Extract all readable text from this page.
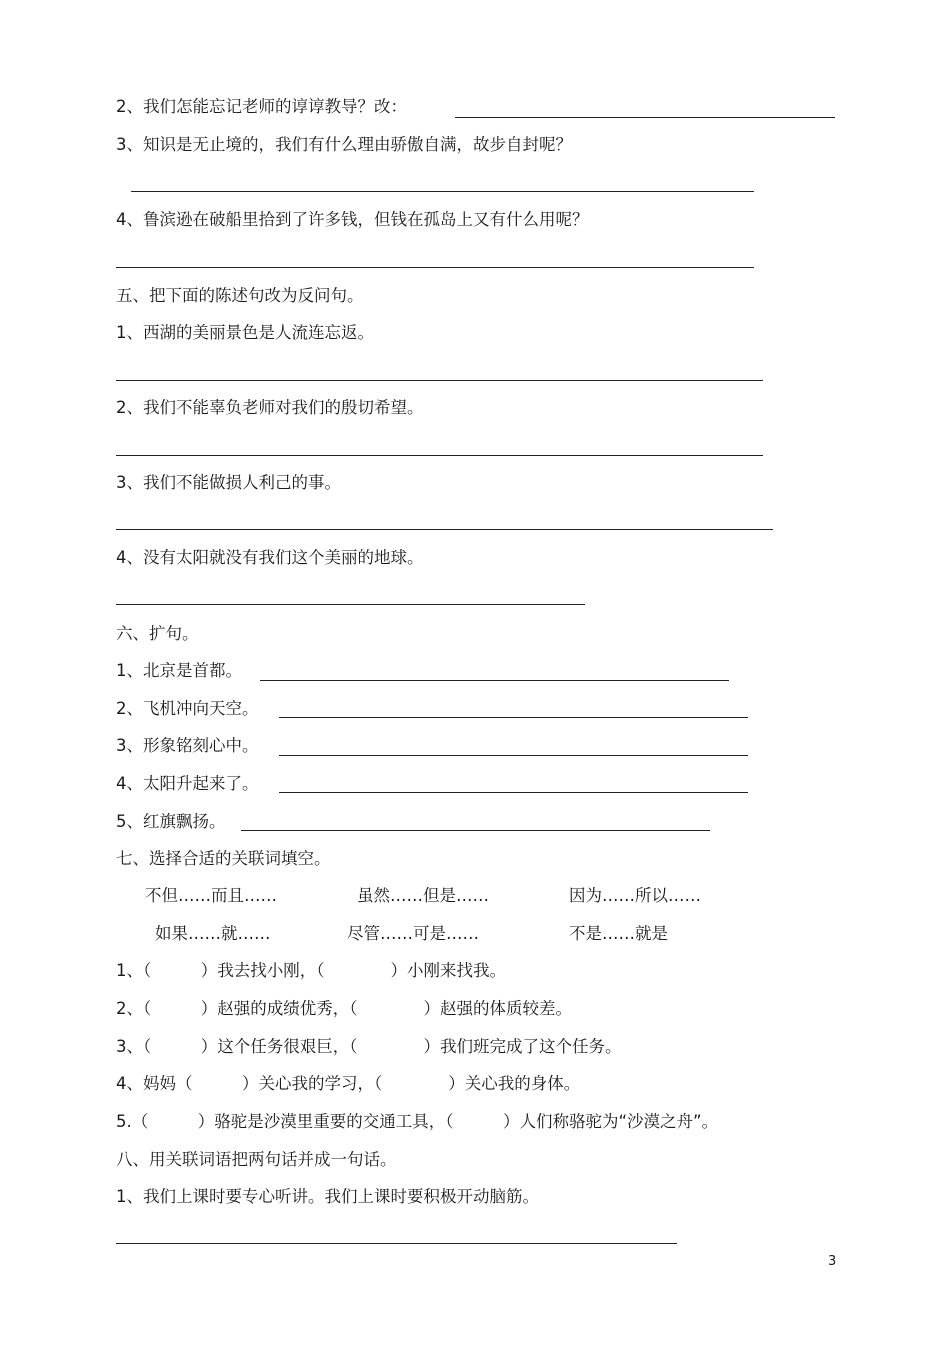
2、我们怎能忘记老师的谆谆教导？改：
3、知识是无止境的，我们有什么理由骄傲自满，故步自封呢？
4、鲁滨逊在破船里拾到了许多钱，但钱在孤岛上又有什么用呢？
五、把下面的陈述句改为反问句。
1、西湖的美丽景色是人流连忘返。
2、我们不能辜负老师对我们的殷切希望。
3、我们不能做损人利己的事。
4、没有太阳就没有我们这个美丽的地球。
六、扩句。
1、北京是首都。
2、飞机冲向天空。
3、形象铭刻心中。
4、太阳升起来了。
5、红旗飘扬。
七、选择合适的关联词填空。
不但……而且……	虽然……但是……	因为……所以……
如果……就……	尽管……可是……	不是……就是
1、（　　　）我去找小刚，（　　　　）小刚来找我。
2、（　　　）赵强的成绩优秀，（　　　　）赵强的体质较差。
3、（　　　）这个任务很艰巨，（　　　　）我们班完成了这个任务。
4、妈妈（　　　）关心我的学习，（　　　　）关心我的身体。
5.（　　　）骆驼是沙漠里重要的交通工具，（　　　）人们称骆驼为“沙漠之舟”。
八、用关联词语把两句话并成一句话。
1、我们上课时要专心听讲。我们上课时要积极开动脑筋。
3
